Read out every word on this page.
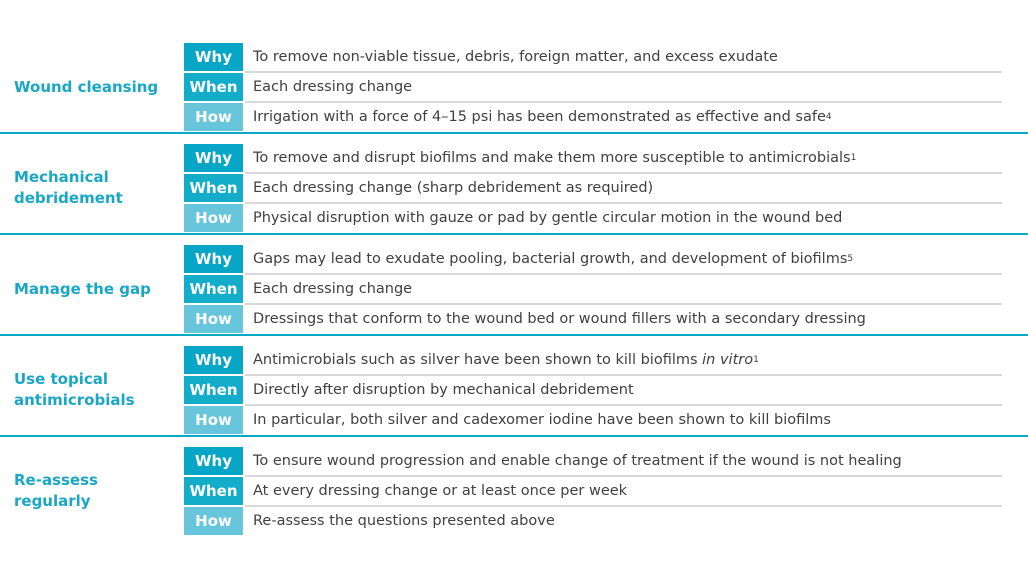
Wound cleansing
Why	To remove non-viable tissue, debris, foreign matter, and excess exudate
When	Each dressing change
How	Irrigation with a force of 4–15 psi has been demonstrated as effective and safe 4
Mechanical
debridement
Why	To remove and disrupt biofilms and make them more susceptible to antimicrobials 1
When	Each dressing change (sharp debridement as required)
How	Physical disruption with gauze or pad by gentle circular motion in the wound bed
Manage the gap
Why	Gaps may lead to exudate pooling, bacterial growth, and development of biofilms 5
When	Each dressing change
How	Dressings that conform to the wound bed or wound fillers with a secondary dressing
Use topical
antimicrobials
Why	Antimicrobials such as silver have been shown to kill biofilms in vitro 1
When	Directly after disruption by mechanical debridement
How	In particular, both silver and cadexomer iodine have been shown to kill biofilms
Re-assess regularly
Why	To ensure wound progression and enable change of treatment if the wound is not healing
When	At every dressing change or at least once per week
How	Re-assess the questions presented above
